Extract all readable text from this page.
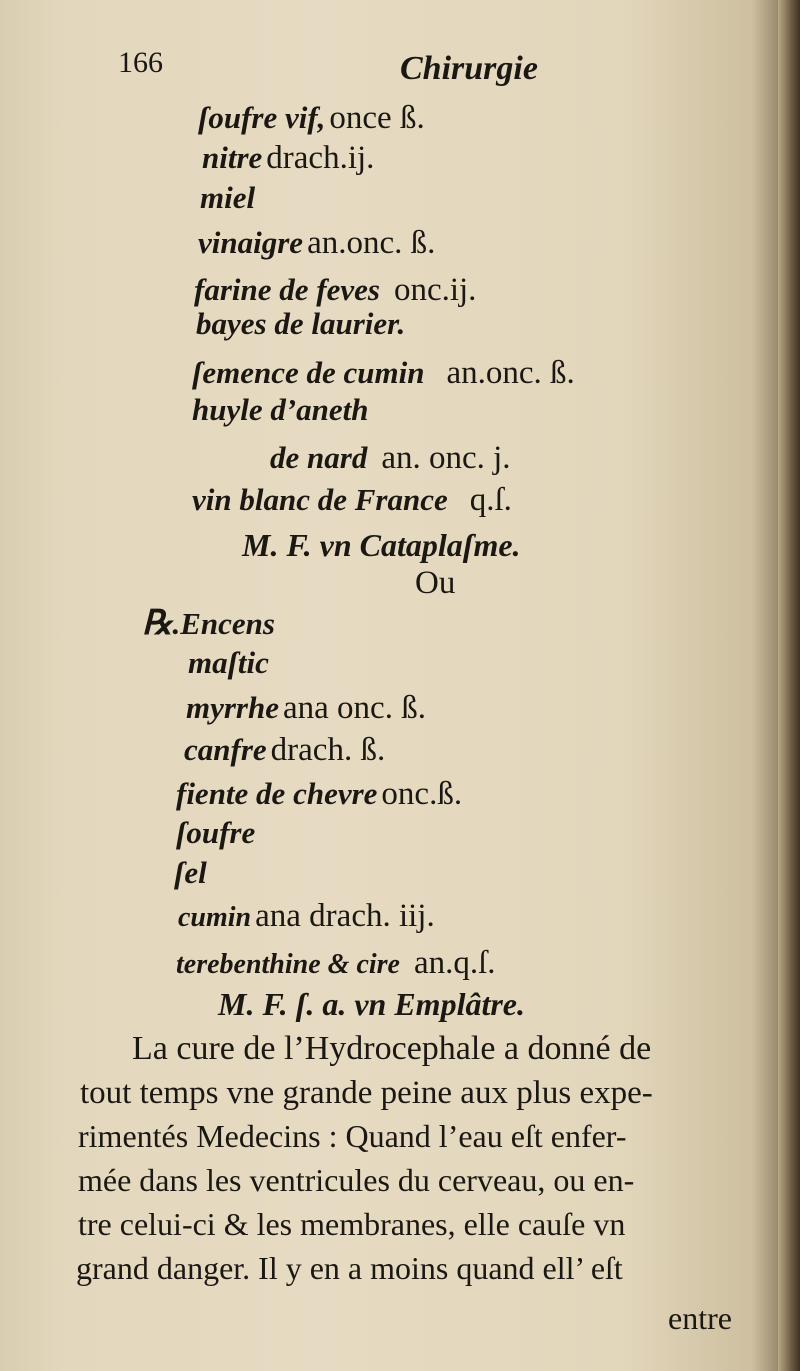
166	Chirurgie
ſoufre vif, once ß.
nitre drach.ij.
miel
vinaigre an.onc. ß.
farine de feves onc.ij.
bayes de laurier.
ſemence de cumin an.onc. ß.
huyle d’aneth
de nard an. onc. j.
vin blanc de France q.ſ.
M. F. vn Cataplaſme.
Ou
℞.Encens
maſtic
myrrhe ana onc. ß.
canfre drach. ß.
fiente de chevre onc.ß.
ſoufre
ſel
cumin ana drach. iij.
terebenthine & cire an.q.ſ.
M. F. ſ. a. vn Emplâtre.
La cure de l’Hydrocephale a donné de
tout temps vne grande peine aux plus expe-
rimentés Medecins : Quand l’eau eſt enfer-
mée dans les ventricules du cerveau, ou en-
tre celui-ci & les membranes, elle cauſe vn
grand danger. Il y en a moins quand ell’ eſt
entre
